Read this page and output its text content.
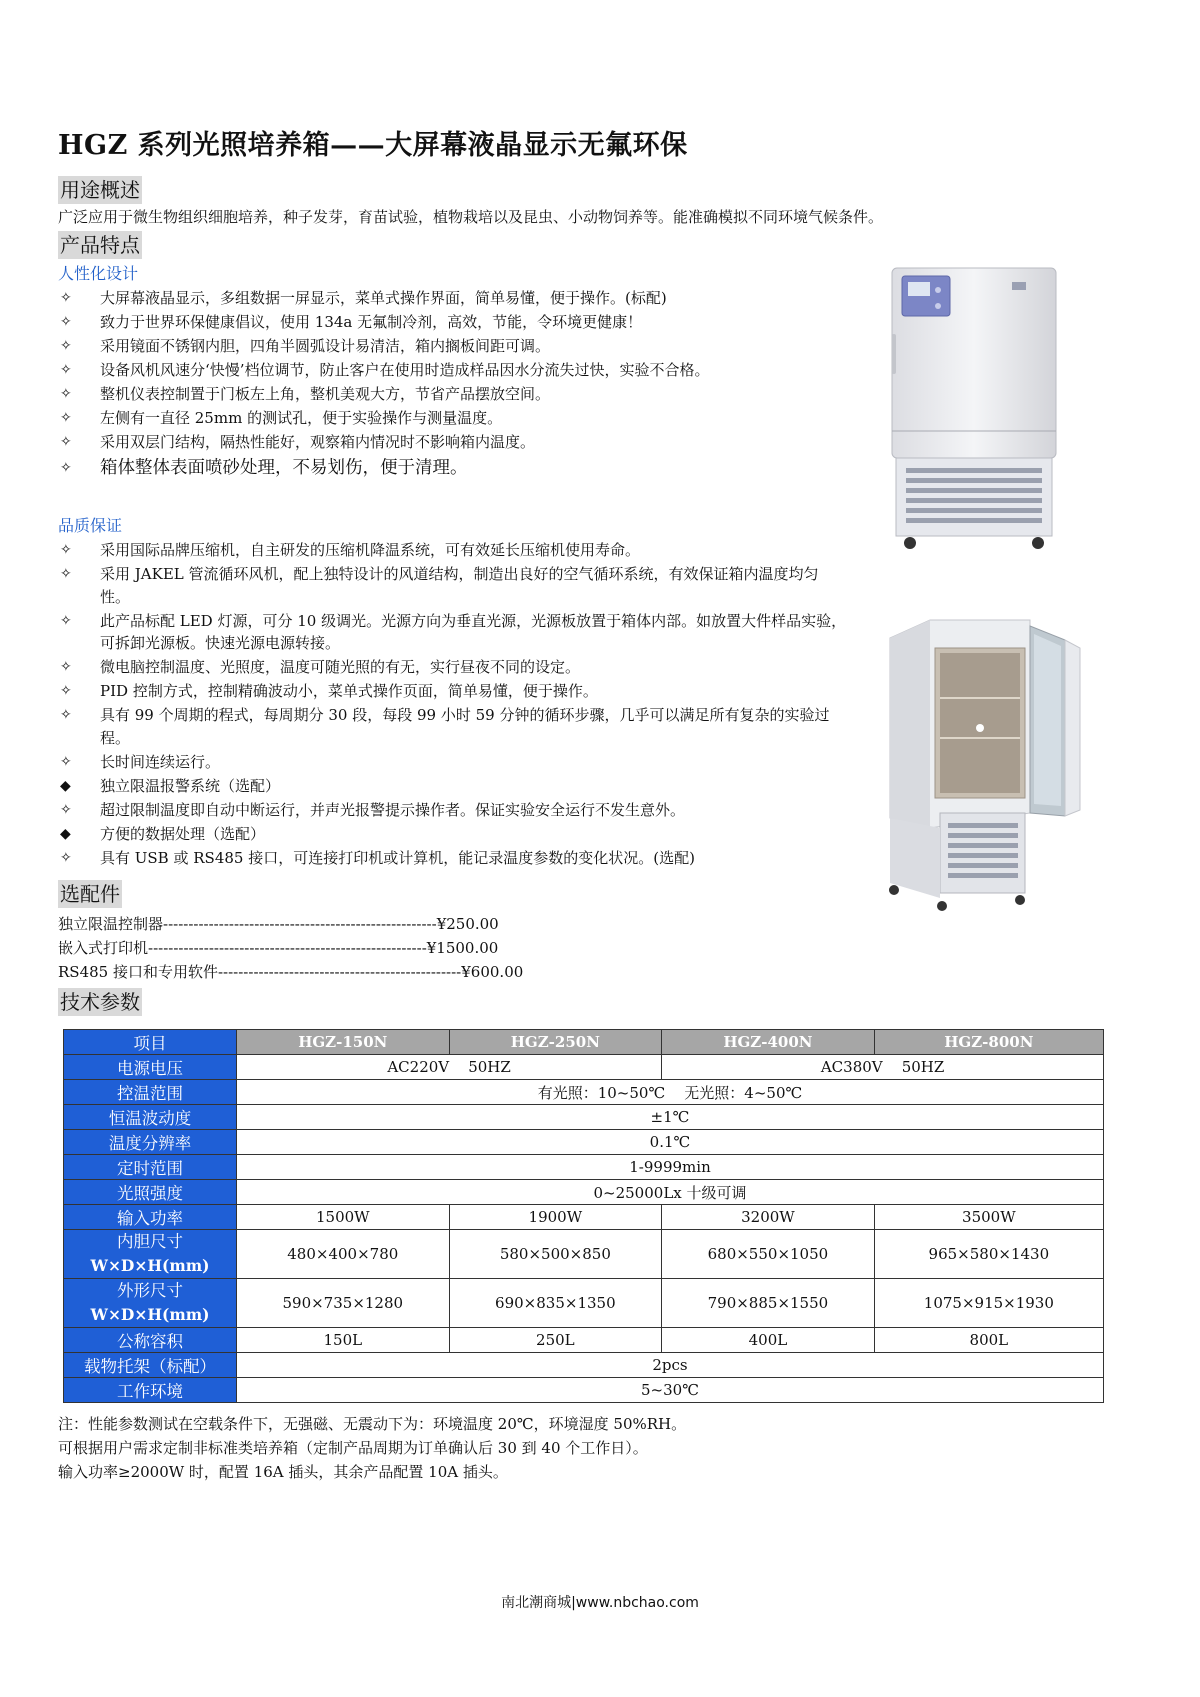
HGZ 系列光照培养箱——大屏幕液晶显示无氟环保
用途概述

广泛应用于微生物组织细胞培养，种子发芽，育苗试验，植物栽培以及昆虫、小动物饲养等。能准确模拟不同环境气候条件。

产品特点
人性化设计
✧ 大屏幕液晶显示，多组数据一屏显示，菜单式操作界面，简单易懂，便于操作。(标配)
✧ 致力于世界环保健康倡议，使用 134a 无氟制冷剂，高效，节能，令环境更健康！
✧ 采用镜面不锈钢内胆，四角半圆弧设计易清洁，箱内搁板间距可调。
✧ 设备风机风速分‘快慢’档位调节，防止客户在使用时造成样品因水分流失过快，实验不合格。
✧ 整机仪表控制置于门板左上角，整机美观大方，节省产品摆放空间。
✧ 左侧有一直径 25mm 的测试孔，便于实验操作与测量温度。
✧ 采用双层门结构，隔热性能好，观察箱内情况时不影响箱内温度。
✧ 箱体整体表面喷砂处理，不易划伤，便于清理。
品质保证
✧ 采用国际品牌压缩机，自主研发的压缩机降温系统，可有效延长压缩机使用寿命。
✧ 采用 JAKEL 管流循环风机，配上独特设计的风道结构，制造出良好的空气循环系统，有效保证箱内温度均匀性。
✧ 此产品标配 LED 灯源，可分 10 级调光。光源方向为垂直光源，光源板放置于箱体内部。如放置大件样品实验，可拆卸光源板。快速光源电源转接。
✧ 微电脑控制温度、光照度，温度可随光照的有无，实行昼夜不同的设定。
✧ PID 控制方式，控制精确波动小，菜单式操作页面，简单易懂，便于操作。
✧ 具有 99 个周期的程式，每周期分 30 段，每段 99 小时 59 分钟的循环步骤，几乎可以满足所有复杂的实验过程。
✧ 长时间连续运行。
◆ 独立限温报警系统（选配）
✧ 超过限制温度即自动中断运行，并声光报警提示操作者。保证实验安全运行不发生意外。
◆ 方便的数据处理（选配）
✧ 具有 USB 或 RS485 接口，可连接打印机或计算机，能记录温度参数的变化状况。(选配)
选配件
独立限温控制器------------------------------------------------------¥250.00
嵌入式打印机-------------------------------------------------------¥1500.00
RS485 接口和专用软件------------------------------------------------¥600.00
技术参数
项目	HGZ-150N	HGZ-250N	HGZ-400N	HGZ-800N
电源电压	AC220V    50HZ		AC380V    50HZ	
控温范围	有光照：10~50℃    无光照：4~50℃			
恒温波动度	±1℃			
温度分辨率	0.1℃			
定时范围	1-9999min			
光照强度	0~25000Lx 十级可调			
输入功率	1500W	1900W	3200W	3500W
内胆尺寸
W×D×H(mm)	480×400×780	580×500×850	680×550×1050	965×580×1430
外形尺寸
W×D×H(mm)	590×735×1280	690×835×1350	790×885×1550	1075×915×1930
公称容积	150L	250L	400L	800L
载物托架（标配）	2pcs			
工作环境	5~30℃			
注：性能参数测试在空载条件下，无强磁、无震动下为：环境温度 20℃，环境湿度 50%RH。
可根据用户需求定制非标准类培养箱（定制产品周期为订单确认后 30 到 40 个工作日）。
输入功率≥2000W 时，配置 16A 插头，其余产品配置 10A 插头。
南北潮商城|www.nbchao.com
